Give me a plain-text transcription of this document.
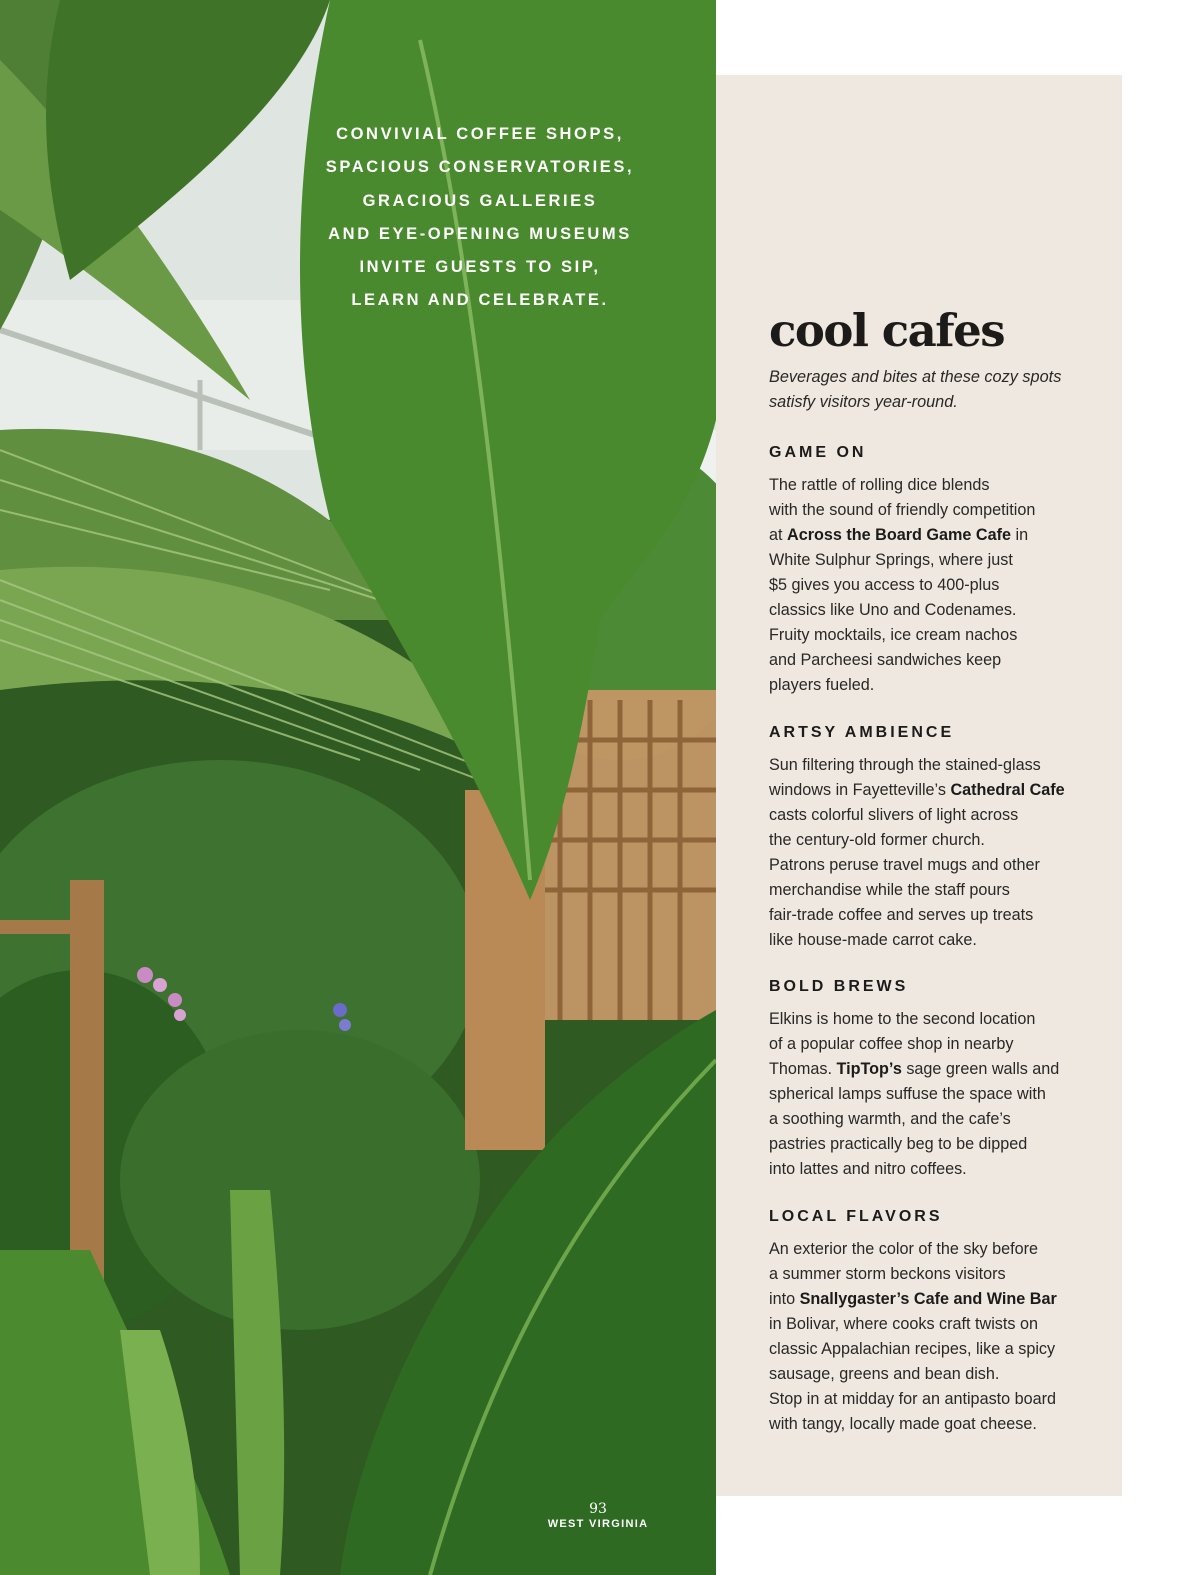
CONVIVIAL COFFEE SHOPS,
SPACIOUS CONSERVATORIES,
GRACIOUS GALLERIES
AND EYE-OPENING MUSEUMS
INVITE GUESTS TO SIP,
LEARN AND CELEBRATE.
93
WEST VIRGINIA
cool cafes

Beverages and bites at these cozy spots satisfy visitors year-round.

GAME ON
The rattle of rolling dice blends
with the sound of friendly competition
at Across the Board Game Cafe in
White Sulphur Springs, where just
$5 gives you access to 400-plus
classics like Uno and Codenames.
Fruity mocktails, ice cream nachos
and Parcheesi sandwiches keep
players fueled.
ARTSY AMBIENCE
Sun filtering through the stained-glass
windows in Fayetteville’s Cathedral Cafe
casts colorful slivers of light across
the century-old former church.
Patrons peruse travel mugs and other
merchandise while the staff pours
fair-trade coffee and serves up treats
like house-made carrot cake.
BOLD BREWS
Elkins is home to the second location
of a popular coffee shop in nearby
Thomas. TipTop’s sage green walls and
spherical lamps suffuse the space with
a soothing warmth, and the cafe’s
pastries practically beg to be dipped
into lattes and nitro coffees.
LOCAL FLAVORS
An exterior the color of the sky before
a summer storm beckons visitors
into Snallygaster’s Cafe and Wine Bar
in Bolivar, where cooks craft twists on
classic Appalachian recipes, like a spicy
sausage, greens and bean dish.
Stop in at midday for an antipasto board
with tangy, locally made goat cheese.
